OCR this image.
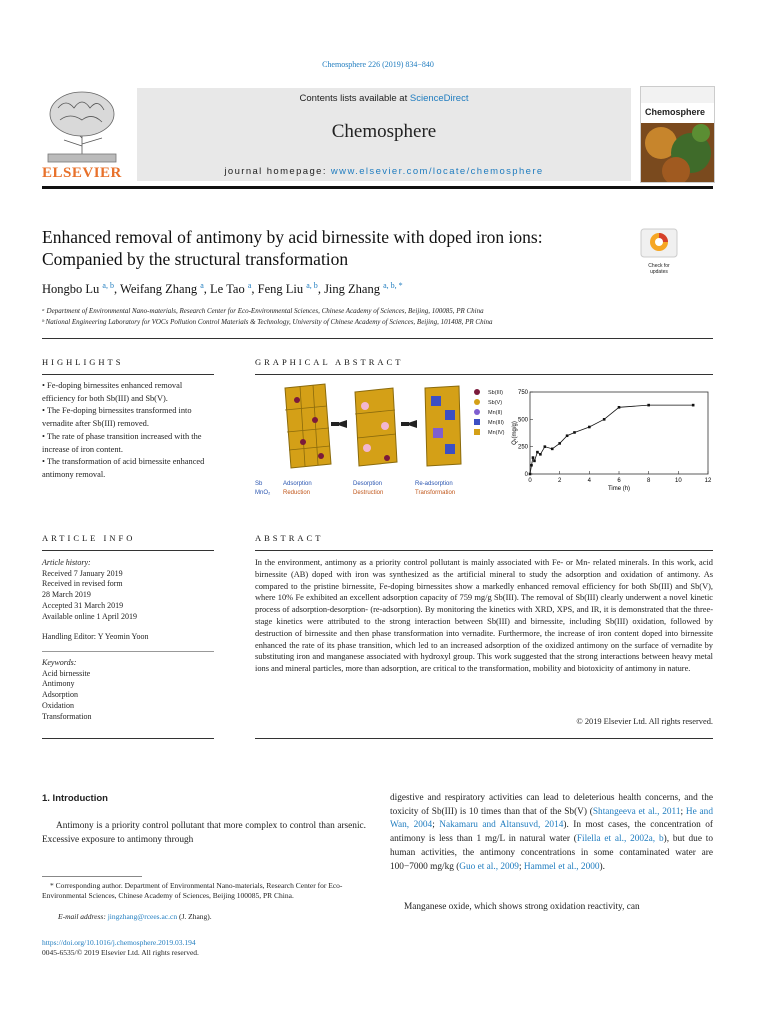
Chemosphere 226 (2019) 834−840
ELSEVIER
Contents lists available at ScienceDirect
Chemosphere
journal homepage: www.elsevier.com/locate/chemosphere
Chemosphere
Enhanced removal of antimony by acid birnessite with doped iron ions: Companied by the structural transformation	Check for updates
Hongbo Lu $^{a, b}$, Weifang Zhang $^a$, Le Tao $^a$, Feng Liu $^{a, b}$, Jing Zhang $^{a, b, *}$
ᵃ Department of Environmental Nano-materials, Research Center for Eco-Environmental Sciences, Chinese Academy of Sciences, Beijing, 100085, PR China
ᵇ National Engineering Laboratory for VOCs Pollution Control Materials & Technology, University of Chinese Academy of Sciences, Beijing, 101408, PR China
HIGHLIGHTS
• Fe-doping birnessites enhanced removal efficiency for both Sb(III) and Sb(V).
• The Fe-doping birnessites transformed into vernadite after Sb(III) removed.
• The rate of phase transition increased with the increase of iron content.
• The transformation of acid birnessite enhanced antimony removal.
GRAPHICAL ABSTRACT
Sb(III)
Sb(V)
Mn(II)
Mn(III)
Mn(IV)
Sb
MnO₂
Adsorption
Reduction
Desorption
Destruction
Re-adsorption
Transformation
0	2	4	6	8	10	12
0
250
500
750
Time (h)
Qₜ(mg/g)
ARTICLE INFO
Article history:
Received 7 January 2019
Received in revised form
28 March 2019
Accepted 31 March 2019
Available online 1 April 2019
Handling Editor: Y Yeomin Yoon
Keywords:
Acid birnessite
Antimony
Adsorption
Oxidation
Transformation
ABSTRACT
In the environment, antimony as a priority control pollutant is mainly associated with Fe- or Mn- related minerals. In this work, acid birnessite (AB) doped with iron was synthesized as the artificial mineral to study the adsorption and oxidation of antimony. As compared to the pristine birnessite, Fe-doping birnessites show a markedly enhanced removal efficiency for both Sb(III) and Sb(V), where 10% Fe exhibited an excellent adsorption capacity of 759 mg/g Sb(III). The removal of Sb(III) clearly underwent a novel kinetic process of adsorption-desorption- (re-adsorption). By monitoring the kinetics with XRD, XPS, and IR, it is demonstrated that the three-stage kinetics were attributed to the strong interaction between Sb(III) and birnessite, including Sb(III) oxidation, followed by destruction of birnessite and then phase transformation into vernadite. Furthermore, the increase of iron content doped into birnessite enhanced the rate of its phase transition, which led to an increased adsorption of the oxidized antimony on the surface of vernadite by substituting iron and manganese associated with hydroxyl group. This work suggested that the strong interactions between heavy metal ions and mineral particles, more than adsorption, are critical to the transformation, mobility and biotoxicity of antimony in nature.
© 2019 Elsevier Ltd. All rights reserved.
1. Introduction
Antimony is a priority control pollutant that more complex to control than arsenic. Excessive exposure to antimony through
digestive and respiratory activities can lead to deleterious health concerns, and the toxicity of Sb(III) is 10 times than that of the Sb(V) (Shtangeeva et al., 2011; He and Wan, 2004; Nakamaru and Altansuvd, 2014). In most cases, the concentration of antimony is less than 1 mg/L in natural water (Filella et al., 2002a, b), but due to human activities, the antimony concentrations in some contaminated water are 100−7000 mg/kg (Guo et al., 2009; Hammel et al., 2000).
Manganese oxide, which shows strong oxidation reactivity, can
* Corresponding author. Department of Environmental Nano-materials, Research Center for Eco-Environmental Sciences, Chinese Academy of Sciences, Beijing 100085, PR China.
E-mail address: jingzhang@rcees.ac.cn (J. Zhang).
https://doi.org/10.1016/j.chemosphere.2019.03.194
0045-6535/© 2019 Elsevier Ltd. All rights reserved.
